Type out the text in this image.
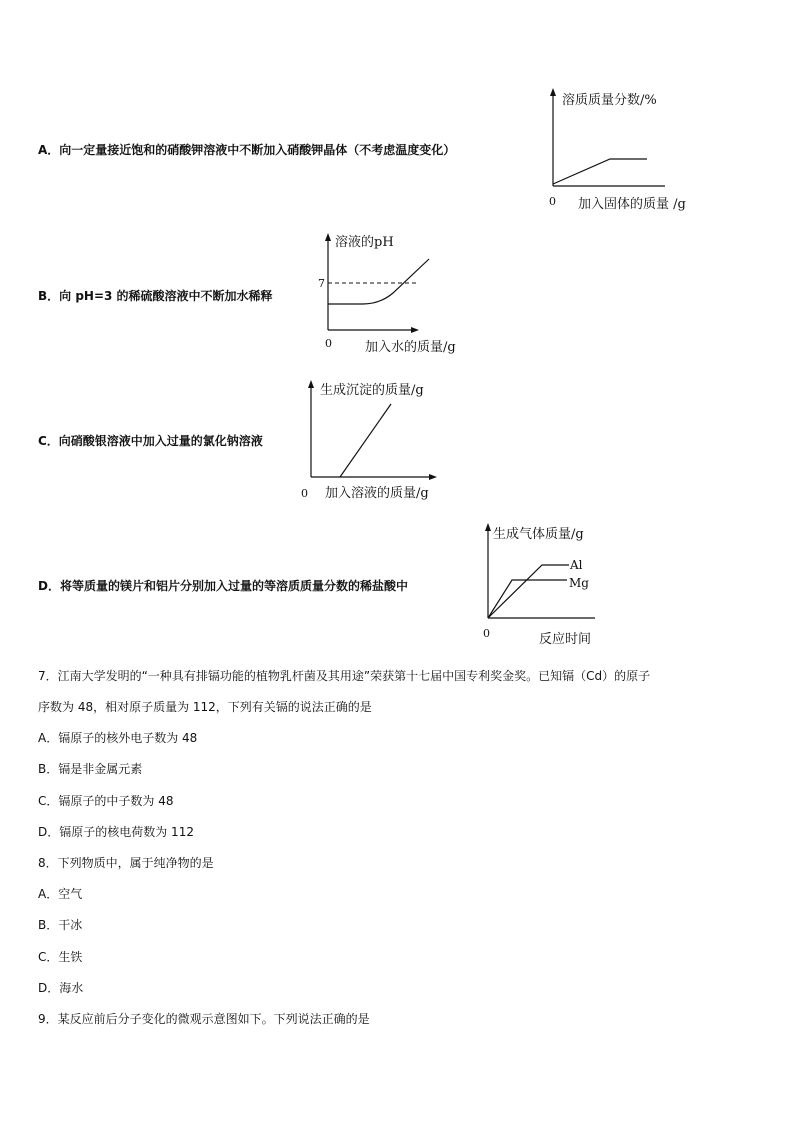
A．向一定量接近饱和的硝酸钾溶液中不断加入硝酸钾晶体（不考虑温度变化）
溶质质量分数/%
0 加入固体的质量 /g
B．向 pH=3 的稀硫酸溶液中不断加水稀释
溶液的pH
7
0	加入水的质量/g
C．向硝酸银溶液中加入过量的氯化钠溶液
生成沉淀的质量/g
0 加入溶液的质量/g
D．将等质量的镁片和铝片分别加入过量的等溶质质量分数的稀盐酸中
生成气体质量/g
Al
Mg
0	反应时间
7．江南大学发明的“一种具有排镉功能的植物乳杆菌及其用途”荣获第十七届中国专利奖金奖。已知镉（Cd）的原子
序数为 48，相对原子质量为 112，下列有关镉的说法正确的是
A．镉原子的核外电子数为 48
B．镉是非金属元素
C．镉原子的中子数为 48
D．镉原子的核电荷数为 112
8．下列物质中，属于纯净物的是
A．空气
B．干冰
C．生铁
D．海水
9．某反应前后分子变化的微观示意图如下。下列说法正确的是
